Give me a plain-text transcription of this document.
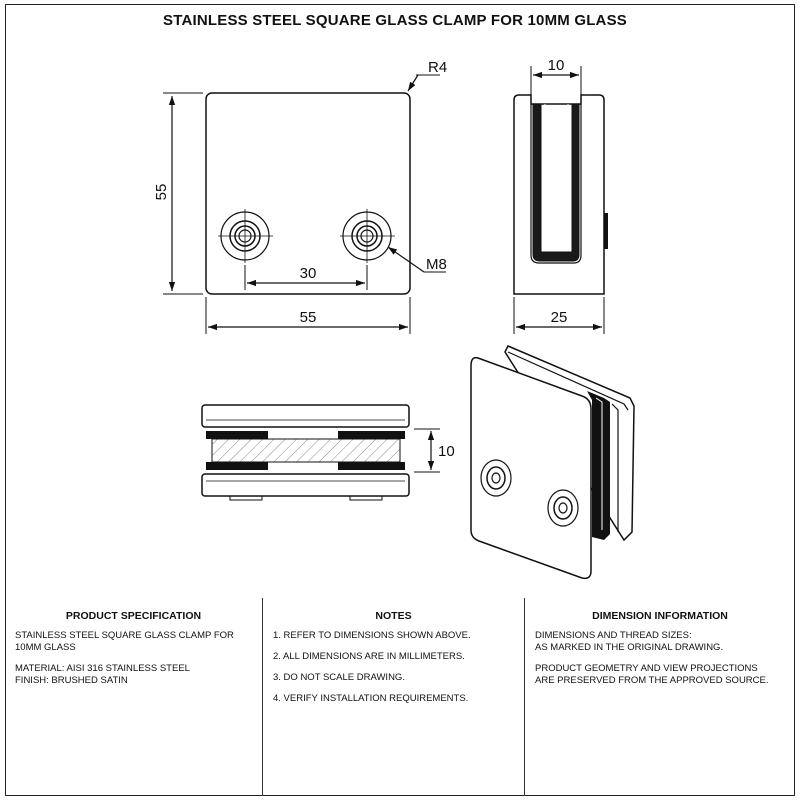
STAINLESS STEEL SQUARE GLASS CLAMP FOR 10MM GLASS
55
30
55
R4
M8
10
25
10
PRODUCT SPECIFICATION

STAINLESS STEEL SQUARE GLASS CLAMP FOR
10MM GLASS

MATERIAL: AISI 316 STAINLESS STEEL
FINISH: BRUSHED SATIN

NOTES

1. REFER TO DIMENSIONS SHOWN ABOVE.

2. ALL DIMENSIONS ARE IN MILLIMETERS.

3. DO NOT SCALE DRAWING.

4. VERIFY INSTALLATION REQUIREMENTS.

DIMENSION INFORMATION

DIMENSIONS AND THREAD SIZES:
AS MARKED IN THE ORIGINAL DRAWING.

PRODUCT GEOMETRY AND VIEW PROJECTIONS
ARE PRESERVED FROM THE APPROVED SOURCE.
